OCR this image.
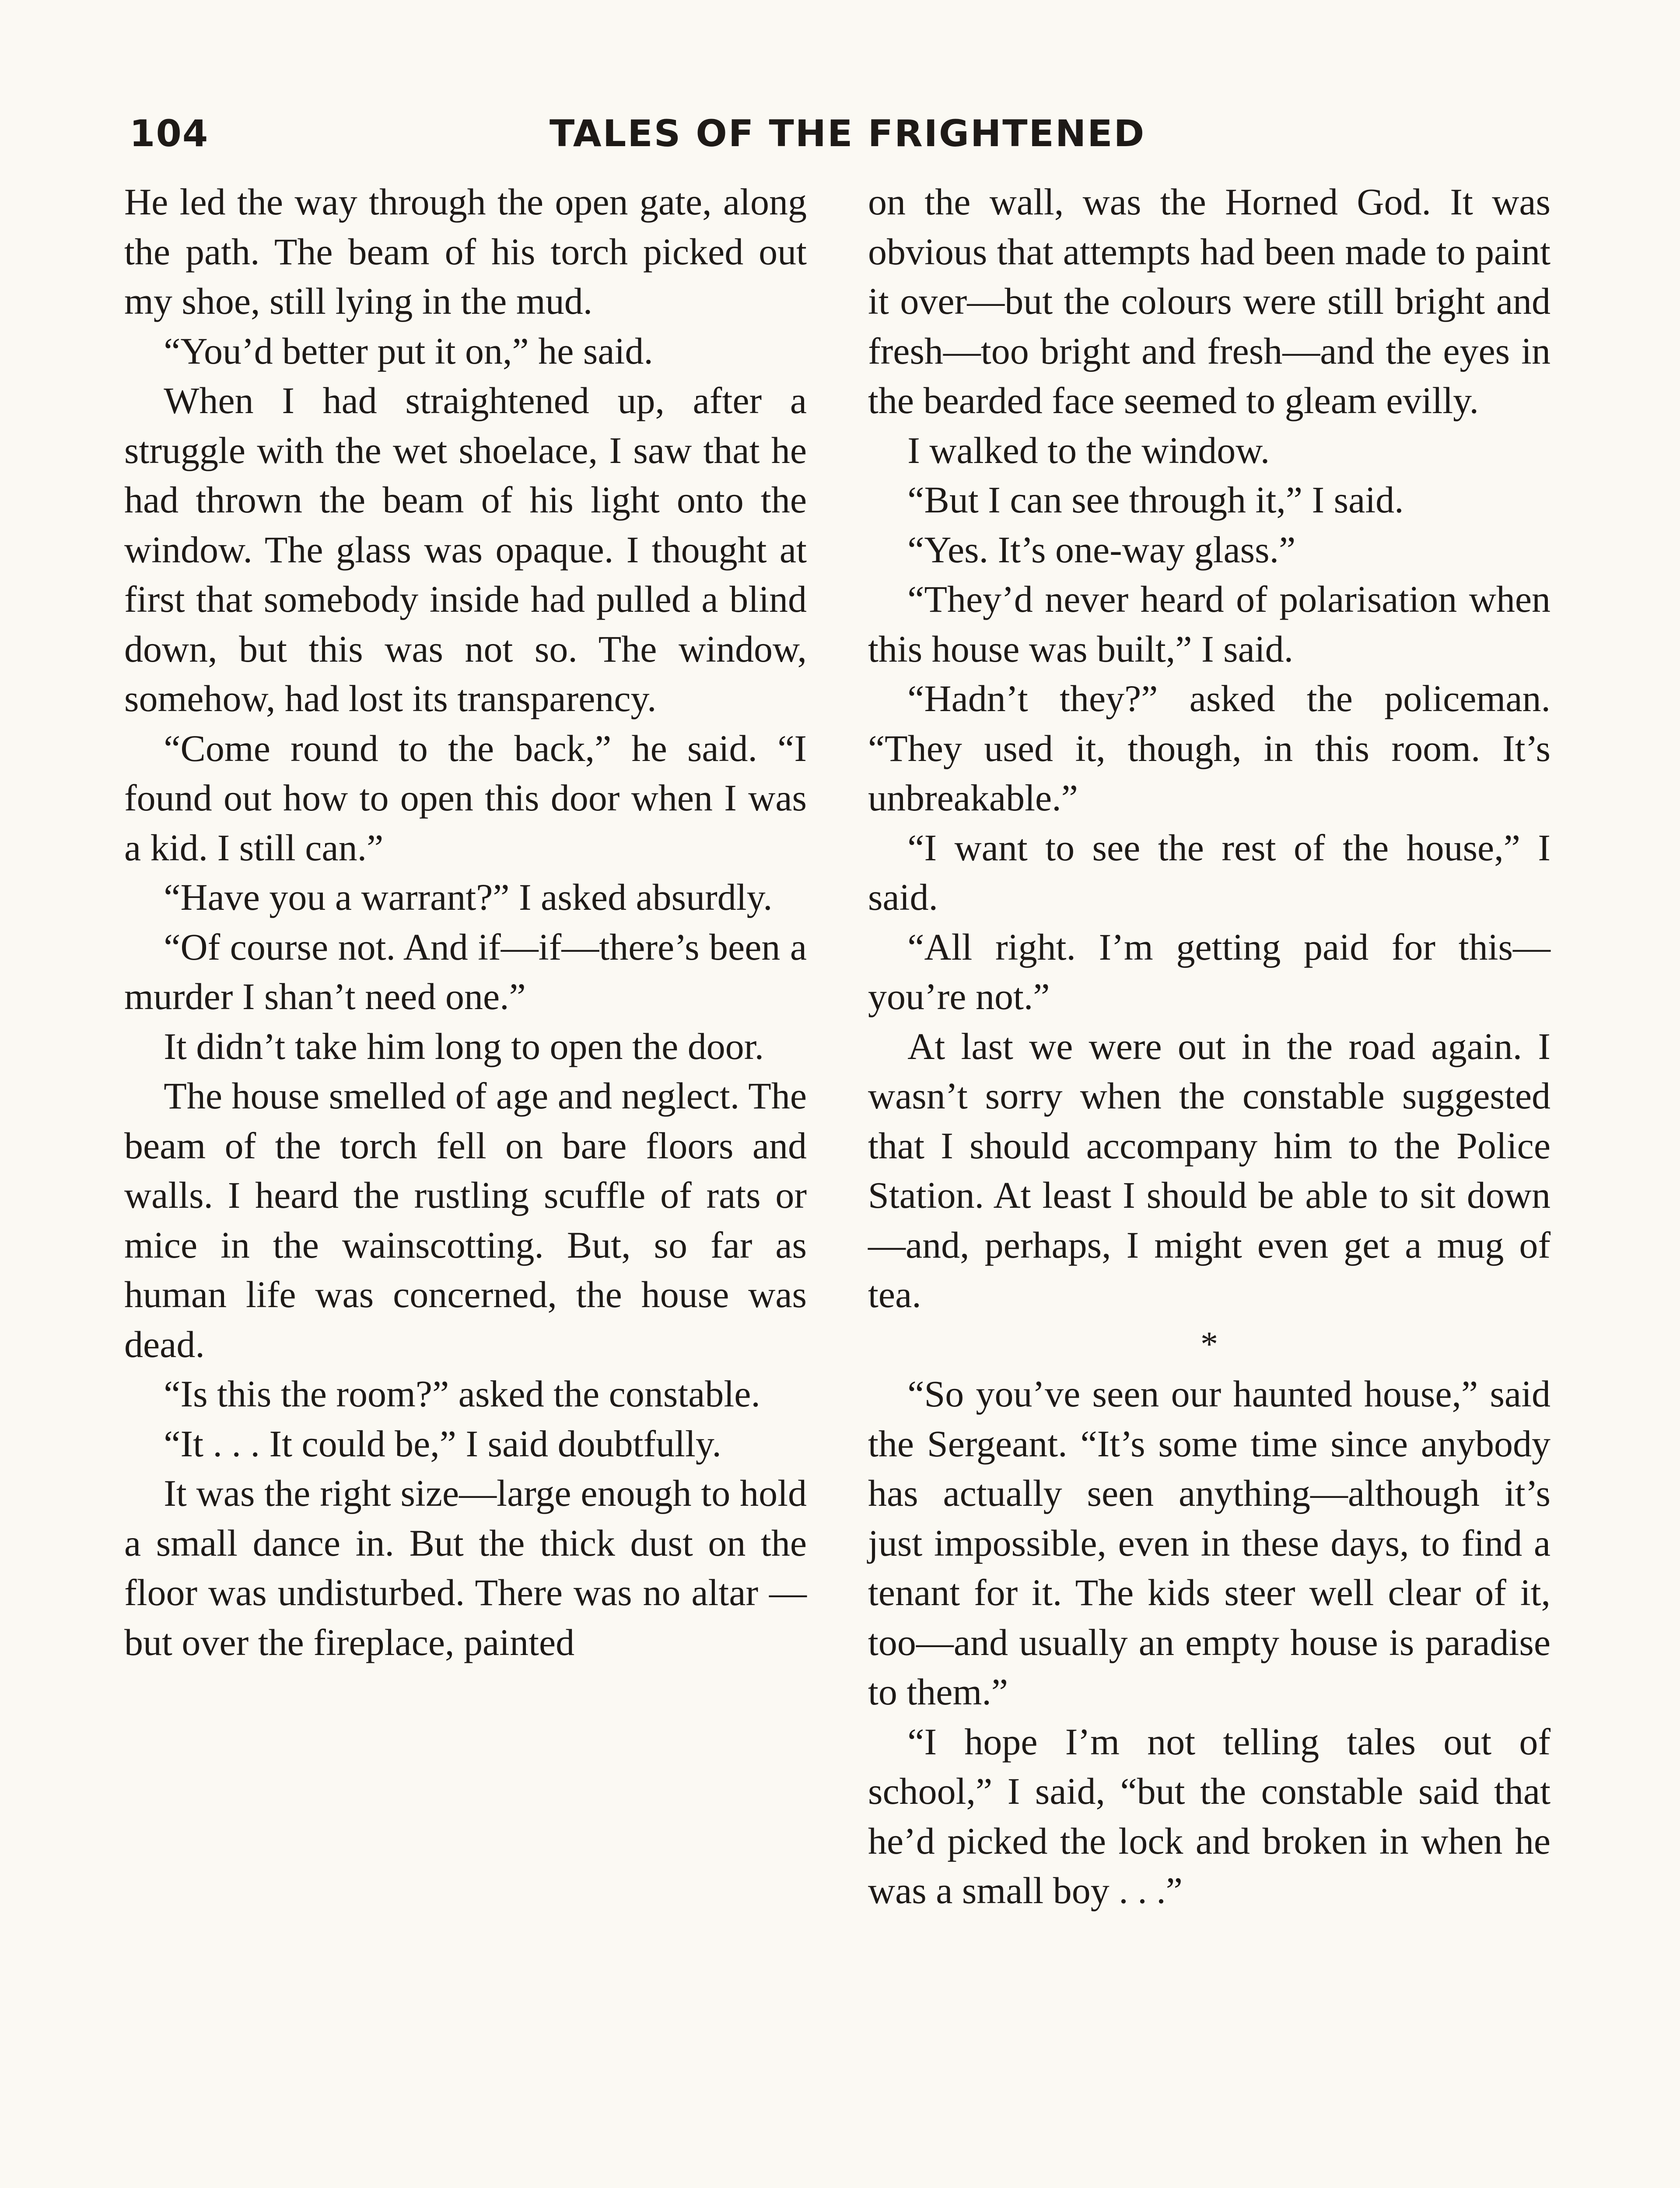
104	TALES OF THE FRIGHTENED

He led the way through the open gate, along the path. The beam of his torch picked out my shoe, still lying in the mud.

“You’d better put it on,” he said.

When I had straightened up, after a struggle with the wet shoelace, I saw that he had thrown the beam of his light onto the window. The glass was opaque. I thought at first that somebody inside had pulled a blind down, but this was not so. The window, somehow, had lost its transparency.

“Come round to the back,” he said. “I found out how to open this door when I was a kid. I still can.”

“Have you a warrant?” I asked absurdly.

“Of course not. And if—if—there’s been a murder I shan’t need one.”

It didn’t take him long to open the door.

The house smelled of age and neglect. The beam of the torch fell on bare floors and walls. I heard the rustling scuffle of rats or mice in the wainscotting. But, so far as human life was concerned, the house was dead.

“Is this the room?” asked the constable.

“It . . . It could be,” I said doubtfully.

It was the right size—large enough to hold a small dance in. But the thick dust on the floor was undisturbed. There was no altar —but over the fireplace, painted

on the wall, was the Horned God. It was obvious that attempts had been made to paint it over—but the colours were still bright and fresh—too bright and fresh—and the eyes in the bearded face seemed to gleam evilly.

I walked to the window.

“But I can see through it,” I said.

“Yes. It’s one-way glass.”

“They’d never heard of polarisation when this house was built,” I said.

“Hadn’t they?” asked the policeman. “They used it, though, in this room. It’s unbreakable.”

“I want to see the rest of the house,” I said.

“All right. I’m getting paid for this—you’re not.”

At last we were out in the road again. I wasn’t sorry when the constable suggested that I should accompany him to the Police Station. At least I should be able to sit down—and, perhaps, I might even get a mug of tea.

*

“So you’ve seen our haunted house,” said the Sergeant. “It’s some time since anybody has actually seen anything—although it’s just impossible, even in these days, to find a tenant for it. The kids steer well clear of it, too—and usually an empty house is paradise to them.”

“I hope I’m not telling tales out of school,” I said, “but the constable said that he’d picked the lock and broken in when he was a small boy . . .”
